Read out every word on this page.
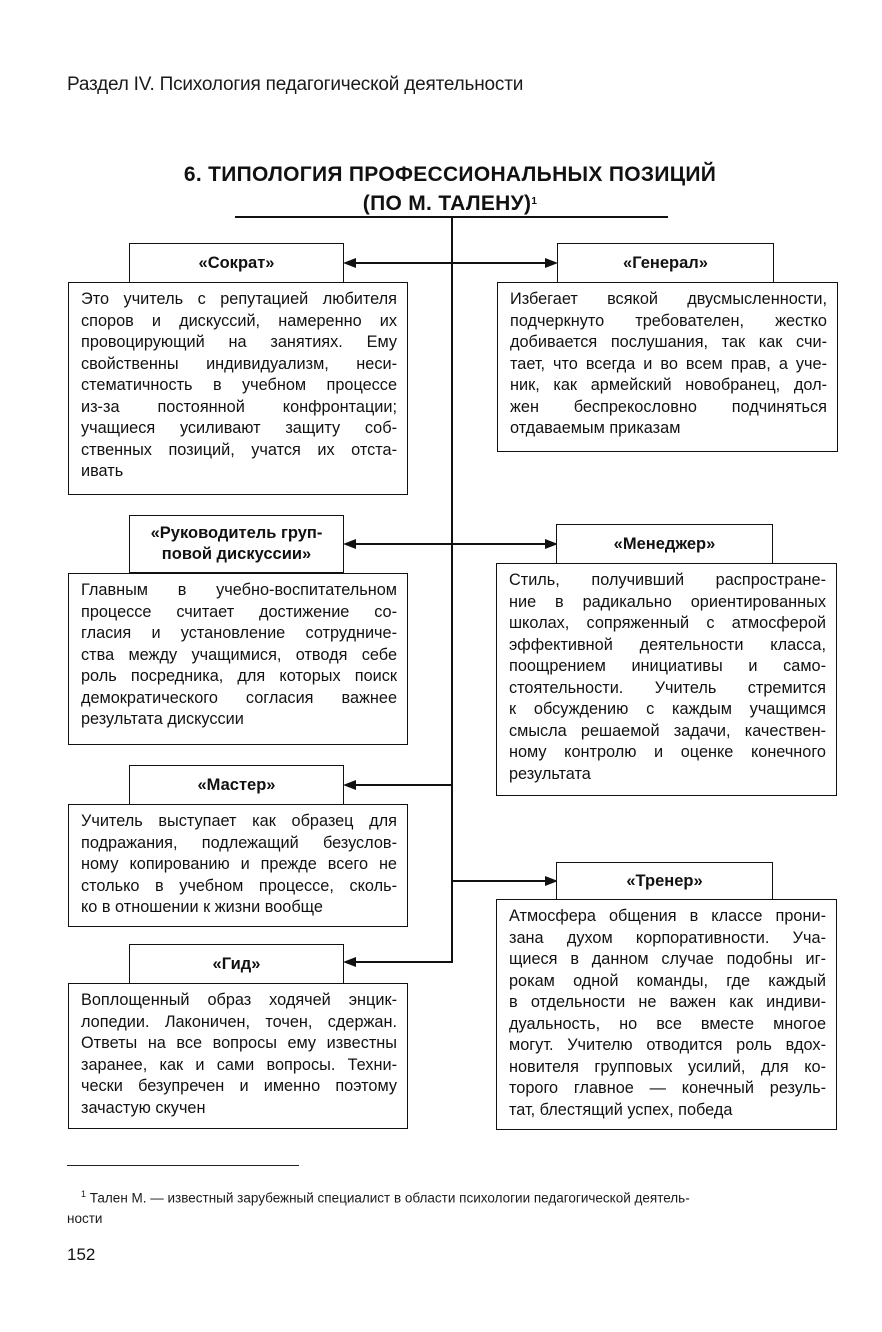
Раздел IV. Психология педагогической деятельности
6. ТИПОЛОГИЯ ПРОФЕССИОНАЛЬНЫХ ПОЗИЦИЙ
(ПО М. ТАЛЕНУ)$^1$
«Сократ»
Это учитель с репутацией любителя
споров и дискуссий, намеренно их
провоцирующий на занятиях. Ему
свойственны индивидуализм, неси-
стематичность в учебном процессе
из-за постоянной конфронтации;
учащиеся усиливают защиту соб-
ственных позиций, учатся их отста-
ивать
«Руководитель груп-
повой дискуссии»
Главным в учебно-воспитательном
процессе считает достижение со-
гласия и установление сотрудниче-
ства между учащимися, отводя себе
роль посредника, для которых поиск
демократического согласия важнее
результата дискуссии
«Мастер»
Учитель выступает как образец для
подражания, подлежащий безуслов-
ному копированию и прежде всего не
столько в учебном процессе, сколь-
ко в отношении к жизни вообще
«Гид»
Воплощенный образ ходячей энцик-
лопедии. Лаконичен, точен, сдержан.
Ответы на все вопросы ему известны
заранее, как и сами вопросы. Техни-
чески безупречен и именно поэтому
зачастую скучен
«Генерал»
Избегает всякой двусмысленности,
подчеркнуто требователен, жестко
добивается послушания, так как счи-
тает, что всегда и во всем прав, а уче-
ник, как армейский новобранец, дол-
жен беспрекословно подчиняться
отдаваемым приказам
«Менеджер»
Стиль, получивший распростране-
ние в радикально ориентированных
школах, сопряженный с атмосферой
эффективной деятельности класса,
поощрением инициативы и само-
стоятельности. Учитель стремится
к обсуждению с каждым учащимся
смысла решаемой задачи, качествен-
ному контролю и оценке конечного
результата
«Тренер»
Атмосфера общения в классе прони-
зана духом корпоративности. Уча-
щиеся в данном случае подобны иг-
рокам одной команды, где каждый
в отдельности не важен как индиви-
дуальность, но все вместе многое
могут. Учителю отводится роль вдох-
новителя групповых усилий, для ко-
торого главное — конечный резуль-
тат, блестящий успех, победа
$^1$ Тален М. — известный зарубежный специалист в области психологии педагогической деятель-
ности
152
